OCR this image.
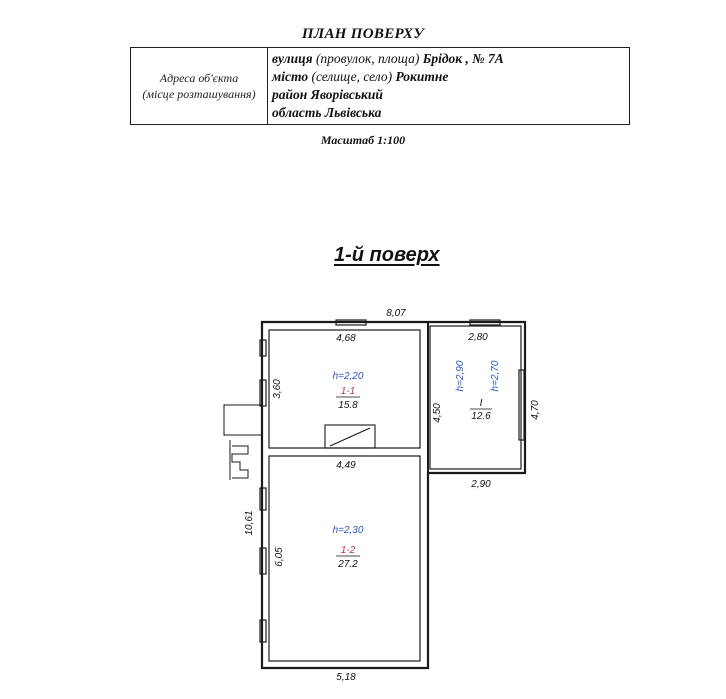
ПЛАН ПОВЕРХУ
Адреса об'єкта
(місце розташування)

вулиця (провулок, площа) Брідок , № 7А
місто (селище, село) Рокитне
район Яворівський
область Львівська
Масштаб 1:100
1-й поверх
8,07
4,68
3,60
4,49
10,61
6,05
5,18
2,80
4,50	4,70
2,90
h=2,20
1-1
15.8
h=2,30
1-2
27.2
h=2,90 h=2,70
І
12.6
